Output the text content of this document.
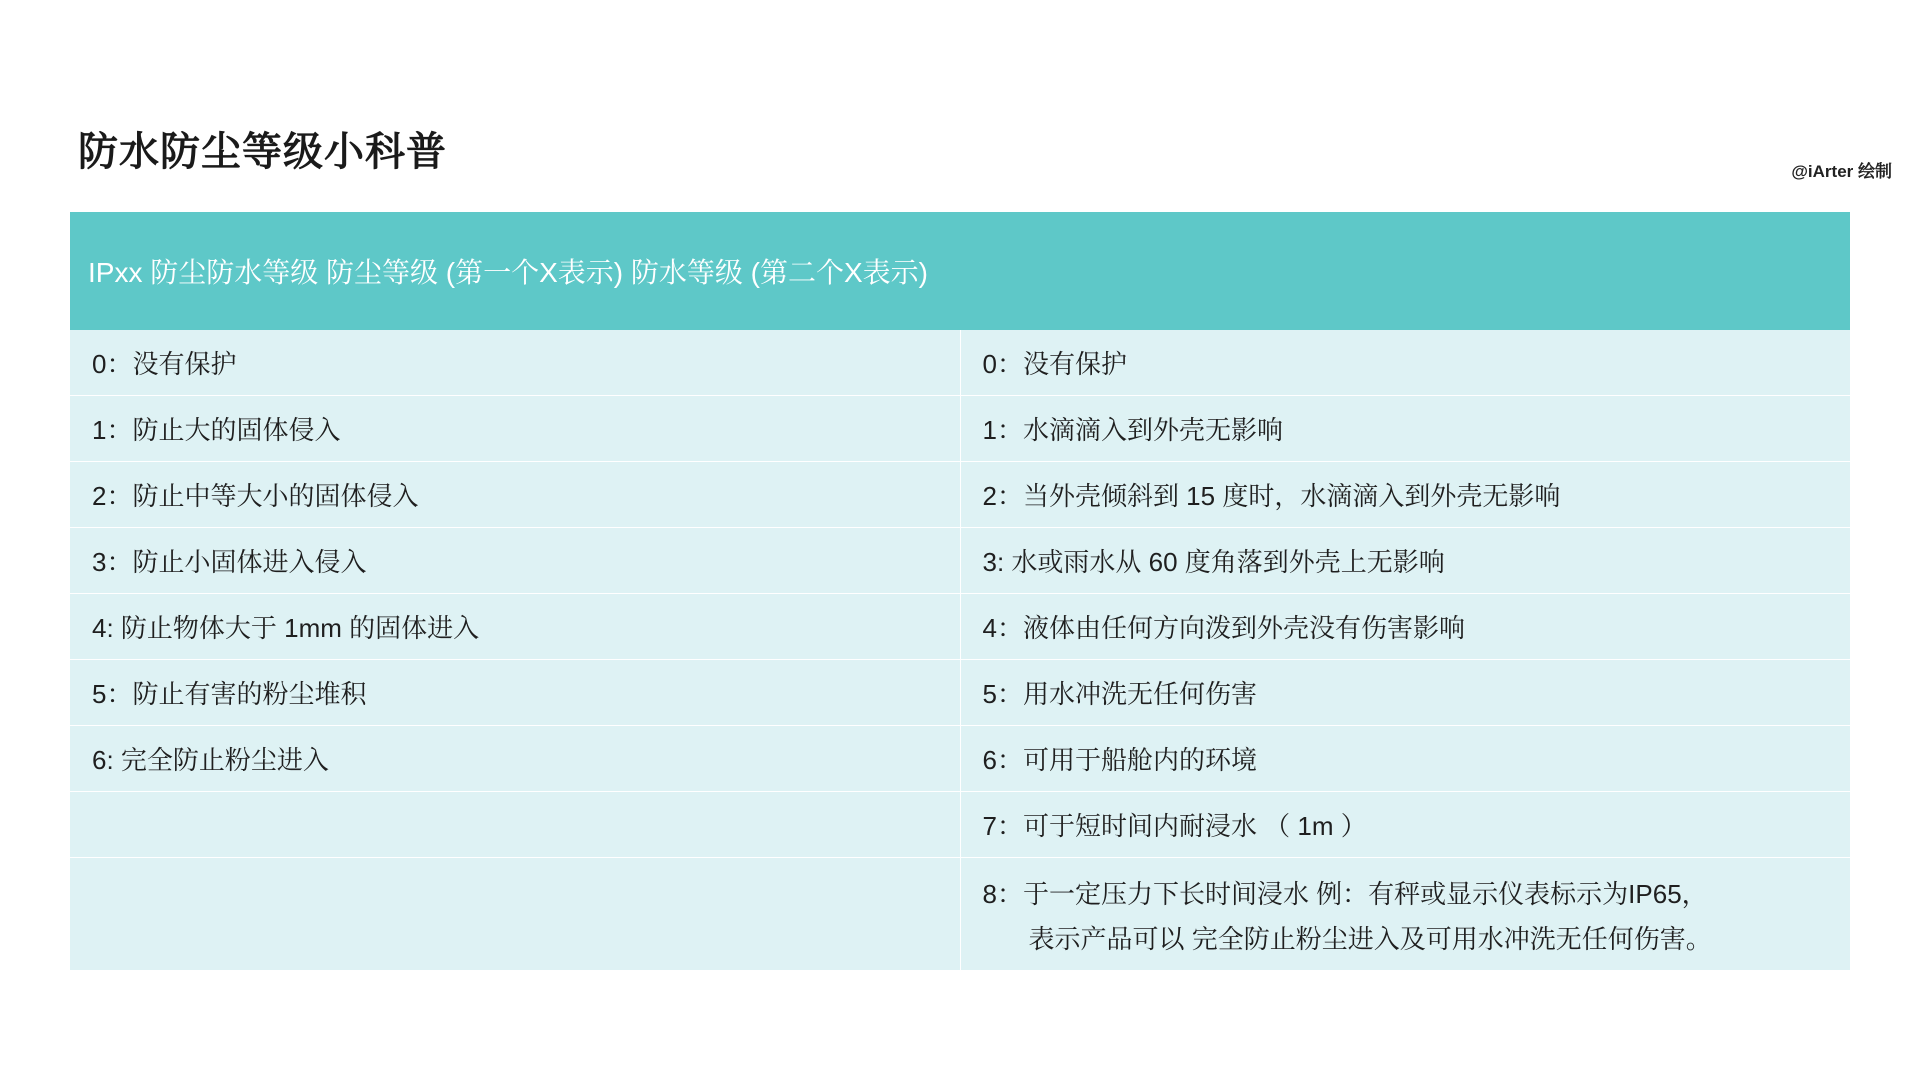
防水防尘等级小科普	@iArter 绘制
IPxx 防尘防水等级 防尘等级 (第一个X表示) 防水等级 (第二个X表示)	
0：没有保护	0：没有保护
1：防止大的固体侵入	1：水滴滴入到外壳无影响
2：防止中等大小的固体侵入	2：当外壳倾斜到 15 度时，水滴滴入到外壳无影响
3：防止小固体进入侵入	3: 水或雨水从 60 度角落到外壳上无影响
4: 防止物体大于 1mm 的固体进入	4：液体由任何方向泼到外壳没有伤害影响
5：防止有害的粉尘堆积	5：用水冲洗无任何伤害
6: 完全防止粉尘进入	6：可用于船舱内的环境
	7：可于短时间内耐浸水 （ 1m ）
	8：于一定压力下长时间浸水 例：有秤或显示仪表标示为IP65，
表示产品可以 完全防止粉尘进入及可用水冲洗无任何伤害。
